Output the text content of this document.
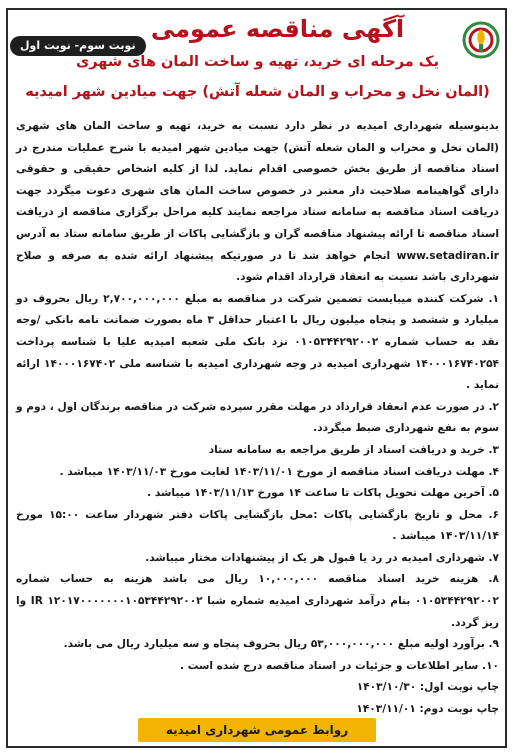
نوبت سوم- نوبت اول
آگهی مناقصه عمومی
یک مرحله ای خرید، تهیه و ساخت المان های شهری
(المان نخل و محراب و المان شعله آتش) جهت میادین شهر امیدیه

بدینوسیله شهرداری امیدیه در نظر دارد نسبت به خرید، تهیه و ساخت المان های شهری (المان نخل و محراب و المان شعله آتش) جهت میادین شهر امیدیه با شرح عملیات مندرج در اسناد مناقصه از طریق بخش خصوصی اقدام نماید. لذا از کلیه اشخاص حقیقی و حقوقی دارای گواهینامه صلاحیت دار معتبر در خصوص ساخت المان های شهری دعوت میگردد جهت دریافت اسناد مناقصه به سامانه ستاد مراجعه نمایند کلیه مراحل برگزاری مناقصه از دریافت اسناد مناقصه تا ارائه پیشنهاد مناقصه گران و بازگشایی پاکات از طریق سامانه ستاد به آدرس www.setadiran.ir انجام خواهد شد تا در صورتیکه پیشنهاد ارائه شده به صرفه و صلاح شهرداری باشد نسبت به انعقاد قرارداد اقدام شود.

۱. شرکت کننده میبایست تضمین شرکت در مناقصه به مبلغ ۲,۷۰۰,۰۰۰,۰۰۰ ریال بحروف دو میلیارد و ششصد و پنجاه میلیون ریال با اعتبار حداقل ۳ ماه بصورت ضمانت نامه بانکی /وجه نقد به حساب شماره ۰۱۰۵۳۴۴۲۹۲۰۰۲ نزد بانک ملی شعبه امیدیه علیا با شناسه پرداخت ۱۴۰۰۰۱۶۷۴۰۲۵۴ شهرداری امیدیه در وجه شهرداری امیدیه با شناسه ملی ۱۴۰۰۰۱۶۷۴۰۲ ارائه نماید .
۲. در صورت عدم انعقاد قرارداد در مهلت مقرر سپرده شرکت در مناقصه برندگان اول ، دوم و سوم به نفع شهرداری ضبط میگردد.
۳. خرید و دریافت اسناد از طریق مراجعه به سامانه ستاد
۴. مهلت دریافت اسناد مناقصه از مورخ ۱۴۰۳/۱۱/۰۱ لغایت مورخ ۱۴۰۳/۱۱/۰۳ میباشد .
۵. آخرین مهلت تحویل پاکات تا ساعت ۱۴ مورخ ۱۴۰۳/۱۱/۱۳ میباشد .
۶. محل و تاریخ بازگشایی پاکات :محل بازگشایی پاکات دفتر شهردار ساعت ۱۵:۰۰ مورخ ۱۴۰۳/۱۱/۱۴ میباشد .
۷. شهرداری امیدیه در رد یا قبول هر یک از پیشنهادات مختار میباشد.
۸. هزینه خرید اسناد مناقصه ۱۰,۰۰۰,۰۰۰ ریال می باشد هزینه به حساب شماره ۰۱۰۵۳۴۴۲۹۲۰۰۲ بنام درآمد شهرداری امیدیه شماره شبا IR ۱۲۰۱۷۰۰۰۰۰۰۰۱۰۵۳۴۴۲۹۲۰۰۲ وا ریز گردد.
۹. برآورد اولیه مبلغ ۵۳,۰۰۰,۰۰۰,۰۰۰ ریال بحروف پنجاه و سه میلیارد ریال می باشد.
۱۰. سایر اطلاعات و جزئیات در اسناد مناقصه درج شده است .
چاپ نوبت اول: ۱۴۰۳/۱۰/۳۰
چاپ نوبت دوم: ۱۴۰۳/۱۱/۰۱
روابط عمومی شهرداری امیدیه
